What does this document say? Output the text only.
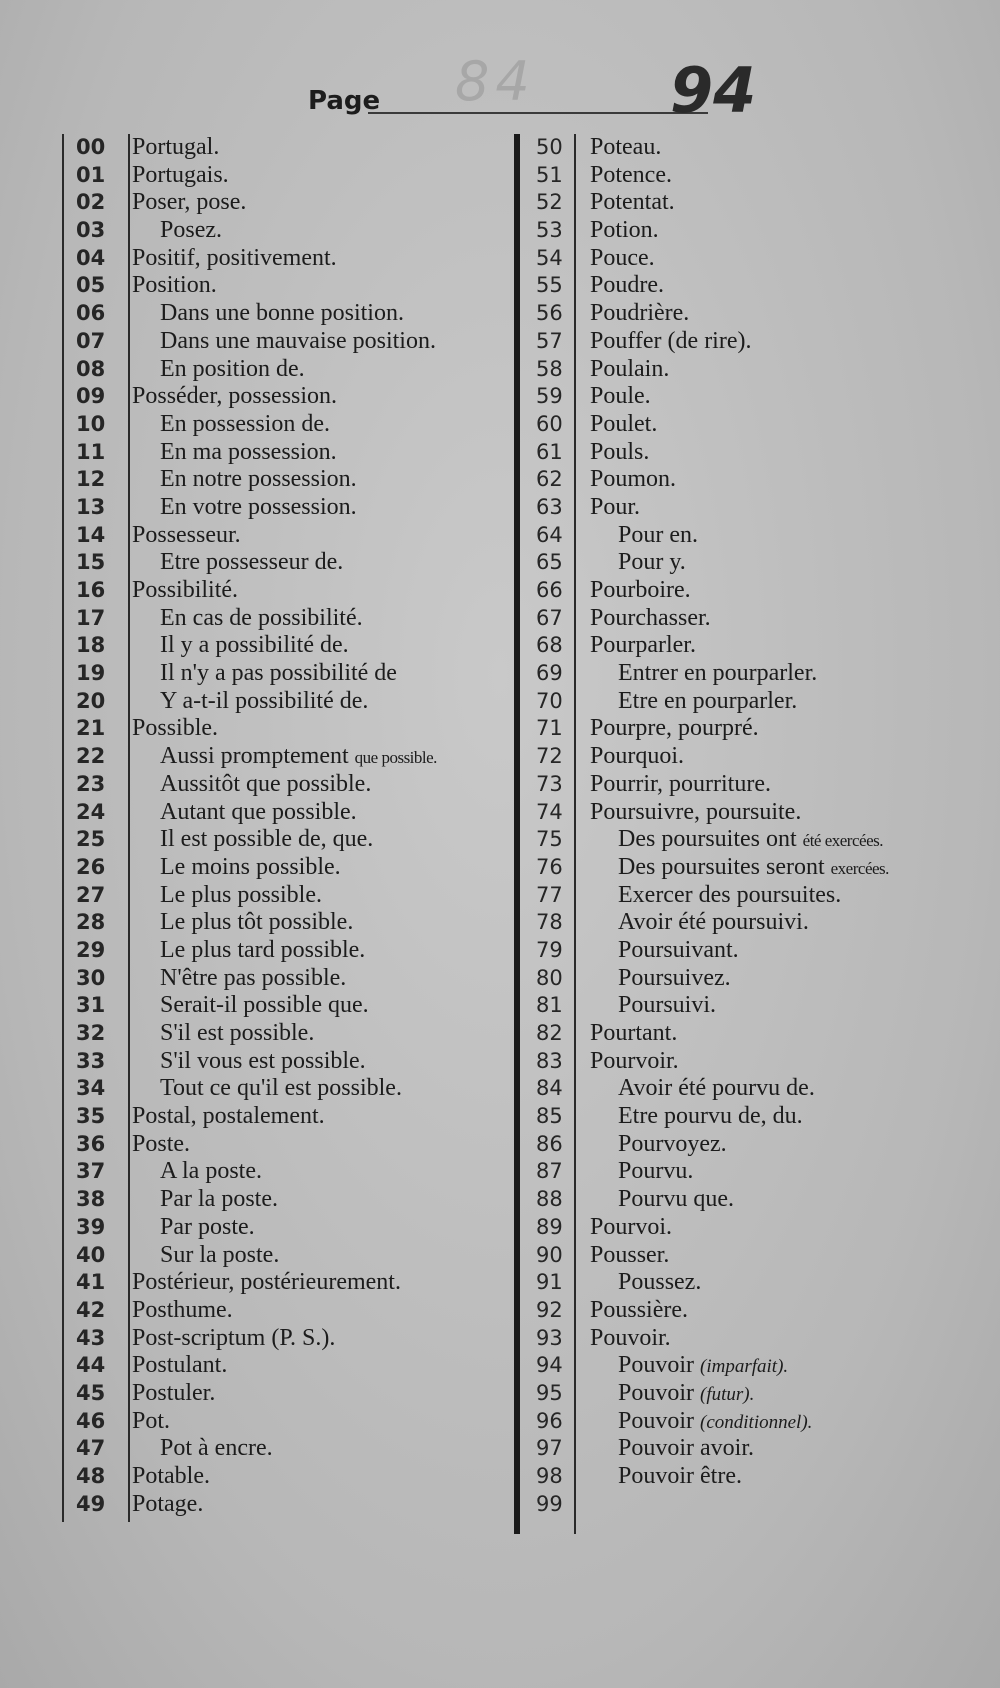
Page 84 94
00	Portugal.
01	Portugais.
02	Poser, pose.
03	Posez.
04	Positif, positivement.
05	Position.
06	Dans une bonne position.
07	Dans une mauvaise position.
08	En position de.
09	Posséder, possession.
10	En possession de.
11	En ma possession.
12	En notre possession.
13	En votre possession.
14	Possesseur.
15	Etre possesseur de.
16	Possibilité.
17	En cas de possibilité.
18	Il y a possibilité de.
19	Il n'y a pas possibilité de
20	Y a-t-il possibilité de.
21	Possible.
22	Aussi promptement que possible.
23	Aussitôt que possible.
24	Autant que possible.
25	Il est possible de, que.
26	Le moins possible.
27	Le plus possible.
28	Le plus tôt possible.
29	Le plus tard possible.
30	N'être pas possible.
31	Serait-il possible que.
32	S'il est possible.
33	S'il vous est possible.
34	Tout ce qu'il est possible.
35	Postal, postalement.
36	Poste.
37	A la poste.
38	Par la poste.
39	Par poste.
40	Sur la poste.
41	Postérieur, postérieurement.
42	Posthume.
43	Post-scriptum (P. S.).
44	Postulant.
45	Postuler.
46	Pot.
47	Pot à encre.
48	Potable.
49	Potage.
50	Poteau.
51	Potence.
52	Potentat.
53	Potion.
54	Pouce.
55	Poudre.
56	Poudrière.
57	Pouffer (de rire).
58	Poulain.
59	Poule.
60	Poulet.
61	Pouls.
62	Poumon.
63	Pour.
64	Pour en.
65	Pour y.
66	Pourboire.
67	Pourchasser.
68	Pourparler.
69	Entrer en pourparler.
70	Etre en pourparler.
71	Pourpre, pourpré.
72	Pourquoi.
73	Pourrir, pourriture.
74	Poursuivre, poursuite.
75	Des poursuites ont été exercées.
76	Des poursuites seront exercées.
77	Exercer des poursuites.
78	Avoir été poursuivi.
79	Poursuivant.
80	Poursuivez.
81	Poursuivi.
82	Pourtant.
83	Pourvoir.
84	Avoir été pourvu de.
85	Etre pourvu de, du.
86	Pourvoyez.
87	Pourvu.
88	Pourvu que.
89	Pourvoi.
90	Pousser.
91	Poussez.
92	Poussière.
93	Pouvoir.
94	Pouvoir (imparfait).
95	Pouvoir (futur).
96	Pouvoir (conditionnel).
97	Pouvoir avoir.
98	Pouvoir être.
99
